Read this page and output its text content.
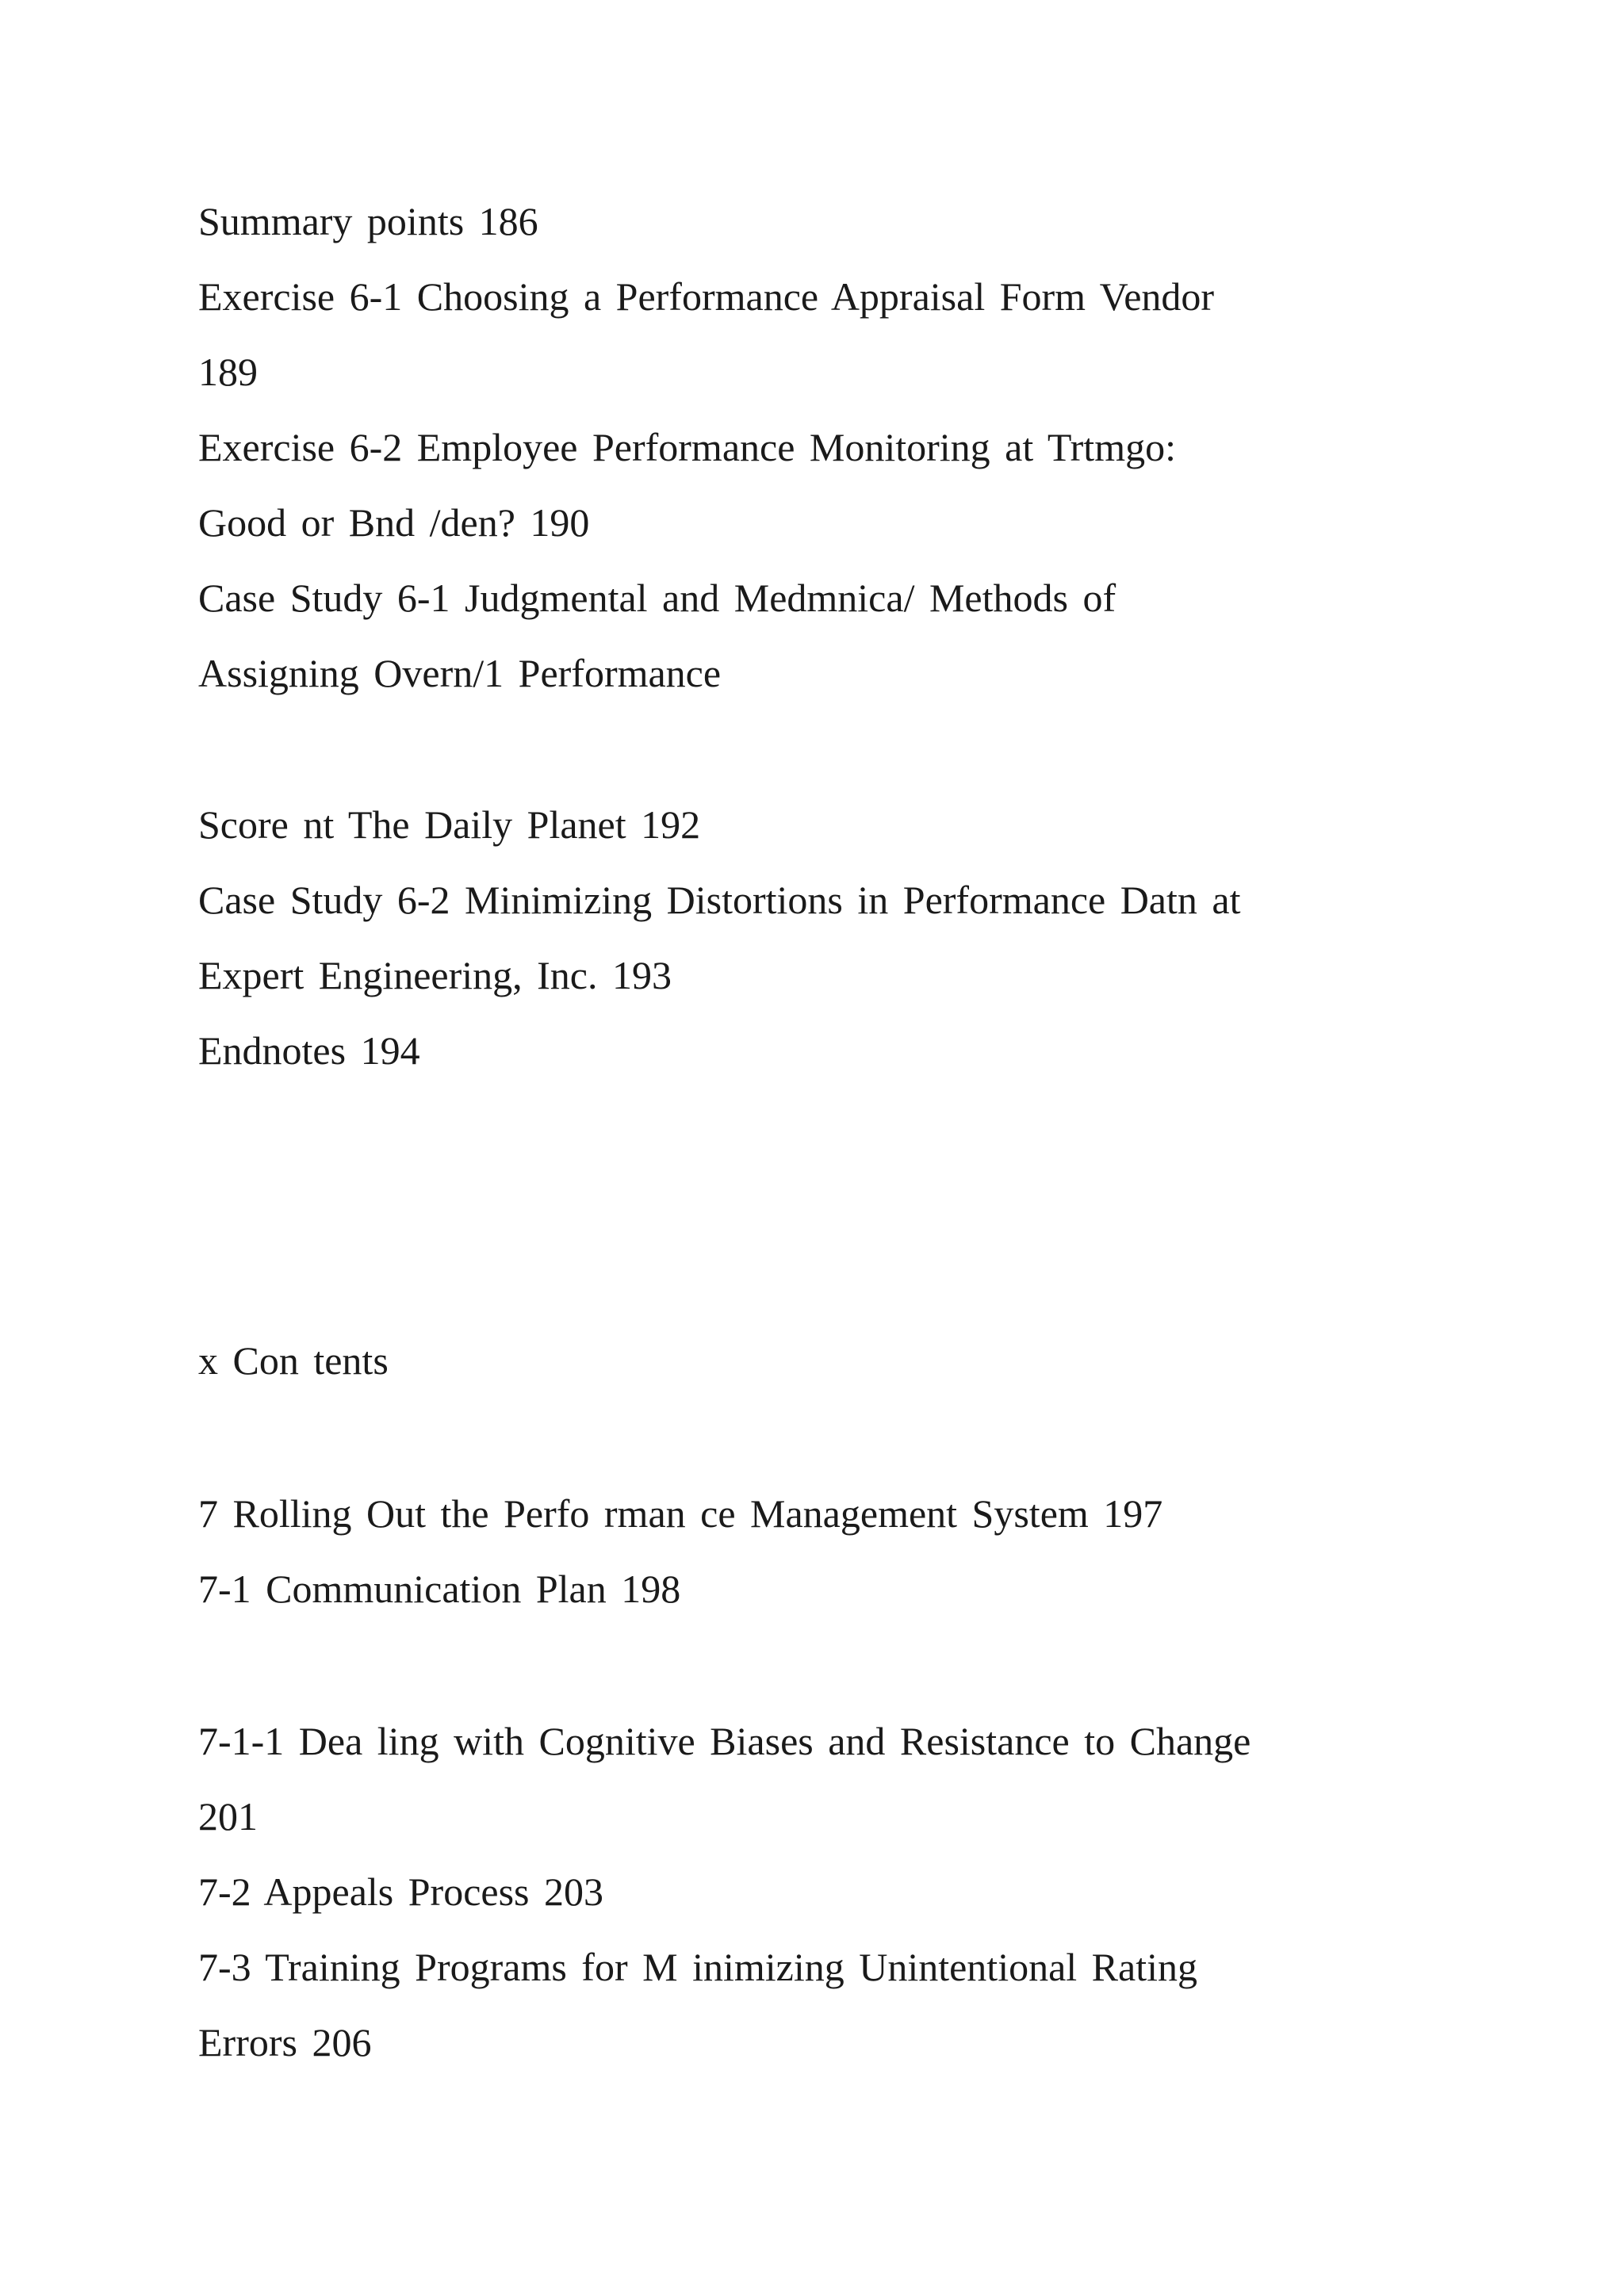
Summary points 186

Exercise 6-1 Choosing a Performance Appraisal Form Vendor

189

Exercise 6-2 Employee Performance Monitoring at Trtmgo:

Good or Bnd /den? 190

Case Study 6-1 Judgmental and Medmnica/ Methods of

Assigning Overn/1 Performance

Score nt The Daily Planet 192

Case Study 6-2 Minimizing Distortions in Performance Datn at

Expert Engineering, Inc. 193

Endnotes 194

x Con tents

7 Rolling Out the Perfo rman ce Management System 197

7-1 Communication Plan 198

7-1-1 Dea ling with Cognitive Biases and Resistance to Change

201

7-2 Appeals Process 203

7-3 Training Programs for M inimizing Unintentional Rating

Errors 206
